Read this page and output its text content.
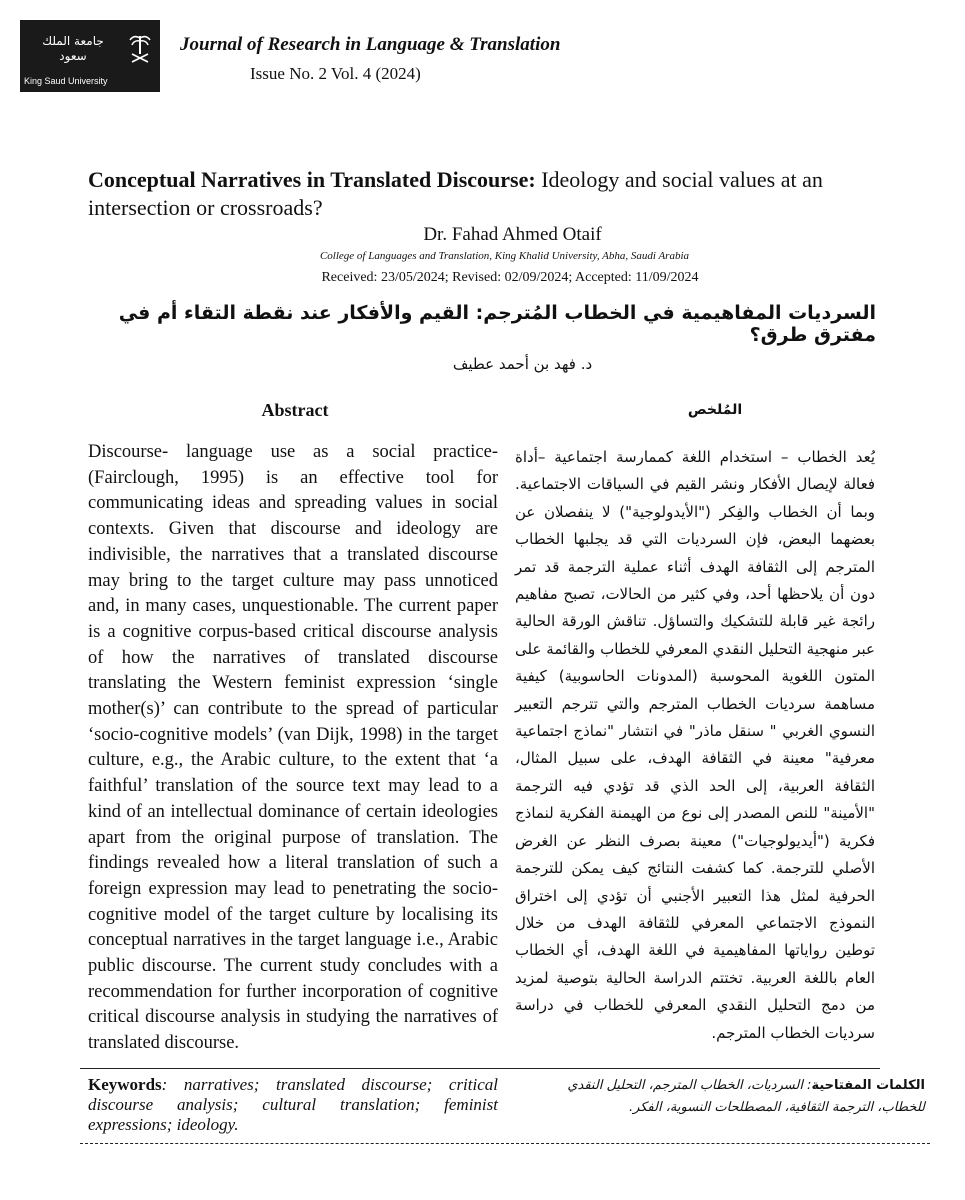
جامعة الملك سعود
King Saud University
Journal of Research in Language & Translation
Issue No. 2 Vol. 4 (2024)
Conceptual Narratives in Translated Discourse: Ideology and social values at an intersection or crossroads?
Dr. Fahad Ahmed Otaif
College of Languages and Translation, King Khalid University, Abha, Saudi Arabia
Received: 23/05/2024; Revised: 02/09/2024; Accepted: 11/09/2024
السرديات المفاهيمية في الخطاب المُترجم: القيم والأفكار عند نقطة التقاء أم في مفترق طرق؟
د. فهد بن أحمد عطيف
Abstract	المُلخص
Discourse- language use as a social practice- (Fairclough, 1995) is an effective tool for communicating ideas and spreading values in social contexts. Given that discourse and ideology are indivisible, the narratives that a translated discourse may bring to the target culture may pass unnoticed and, in many cases, unquestionable. The current paper is a cognitive corpus-based critical discourse analysis of how the narratives of translated discourse translating the Western feminist expression ‘single mother(s)’ can contribute to the spread of particular ‘socio-cognitive models’ (van Dijk, 1998) in the target culture, e.g., the Arabic culture, to the extent that ‘a faithful’ translation of the source text may lead to a kind of an intellectual dominance of certain ideologies apart from the original purpose of translation. The findings revealed how a literal translation of such a foreign expression may lead to penetrating the socio-cognitive model of the target culture by localising its conceptual narratives in the target language i.e., Arabic public discourse. The current study concludes with a recommendation for further incorporation of cognitive critical discourse analysis in studying the narratives of translated discourse.
يُعد الخطاب – استخدام اللغة كممارسة اجتماعية –أداة فعالة لإيصال الأفكار ونشر القيم في السياقات الاجتماعية. وبما أن الخطاب والفِكر ("الأيدولوجية") لا ينفصلان عن بعضهما البعض، فإن السرديات التي قد يجلبها الخطاب المترجم إلى الثقافة الهدف أثناء عملية الترجمة قد تمر دون أن يلاحظها أحد، وفي كثير من الحالات، تصبح مفاهيم رائجة غير قابلة للتشكيك والتساؤل. تناقش الورقة الحالية عبر منهجية التحليل النقدي المعرفي للخطاب والقائمة على المتون اللغوية المحوسبة (المدونات الحاسوبية) كيفية مساهمة سرديات الخطاب المترجم والتي تترجم التعبير النسوي الغربي " سنقل ماذر" في انتشار "نماذج اجتماعية معرفية" معينة في الثقافة الهدف، على سبيل المثال، الثقافة العربية، إلى الحد الذي قد تؤدي فيه الترجمة "الأمينة" للنص المصدر إلى نوع من الهيمنة الفكرية لنماذج فكرية ("أيديولوجيات") معينة بصرف النظر عن الغرض الأصلي للترجمة. كما كشفت النتائج كيف يمكن للترجمة الحرفية لمثل هذا التعبير الأجنبي أن تؤدي إلى اختراق النموذج الاجتماعي المعرفي للثقافة الهدف من خلال توطين رواياتها المفاهيمية في اللغة الهدف، أي الخطاب العام باللغة العربية. تختتم الدراسة الحالية بتوصية لمزيد من دمج التحليل النقدي المعرفي للخطاب في دراسة سرديات الخطاب المترجم.
Keywords: narratives; translated discourse; critical discourse analysis; cultural translation; feminist expressions; ideology.
الكلمات المفتاحية: السرديات، الخطاب المترجم، التحليل النقدي للخطاب، الترجمة الثقافية، المصطلحات النسوية، الفكر.
